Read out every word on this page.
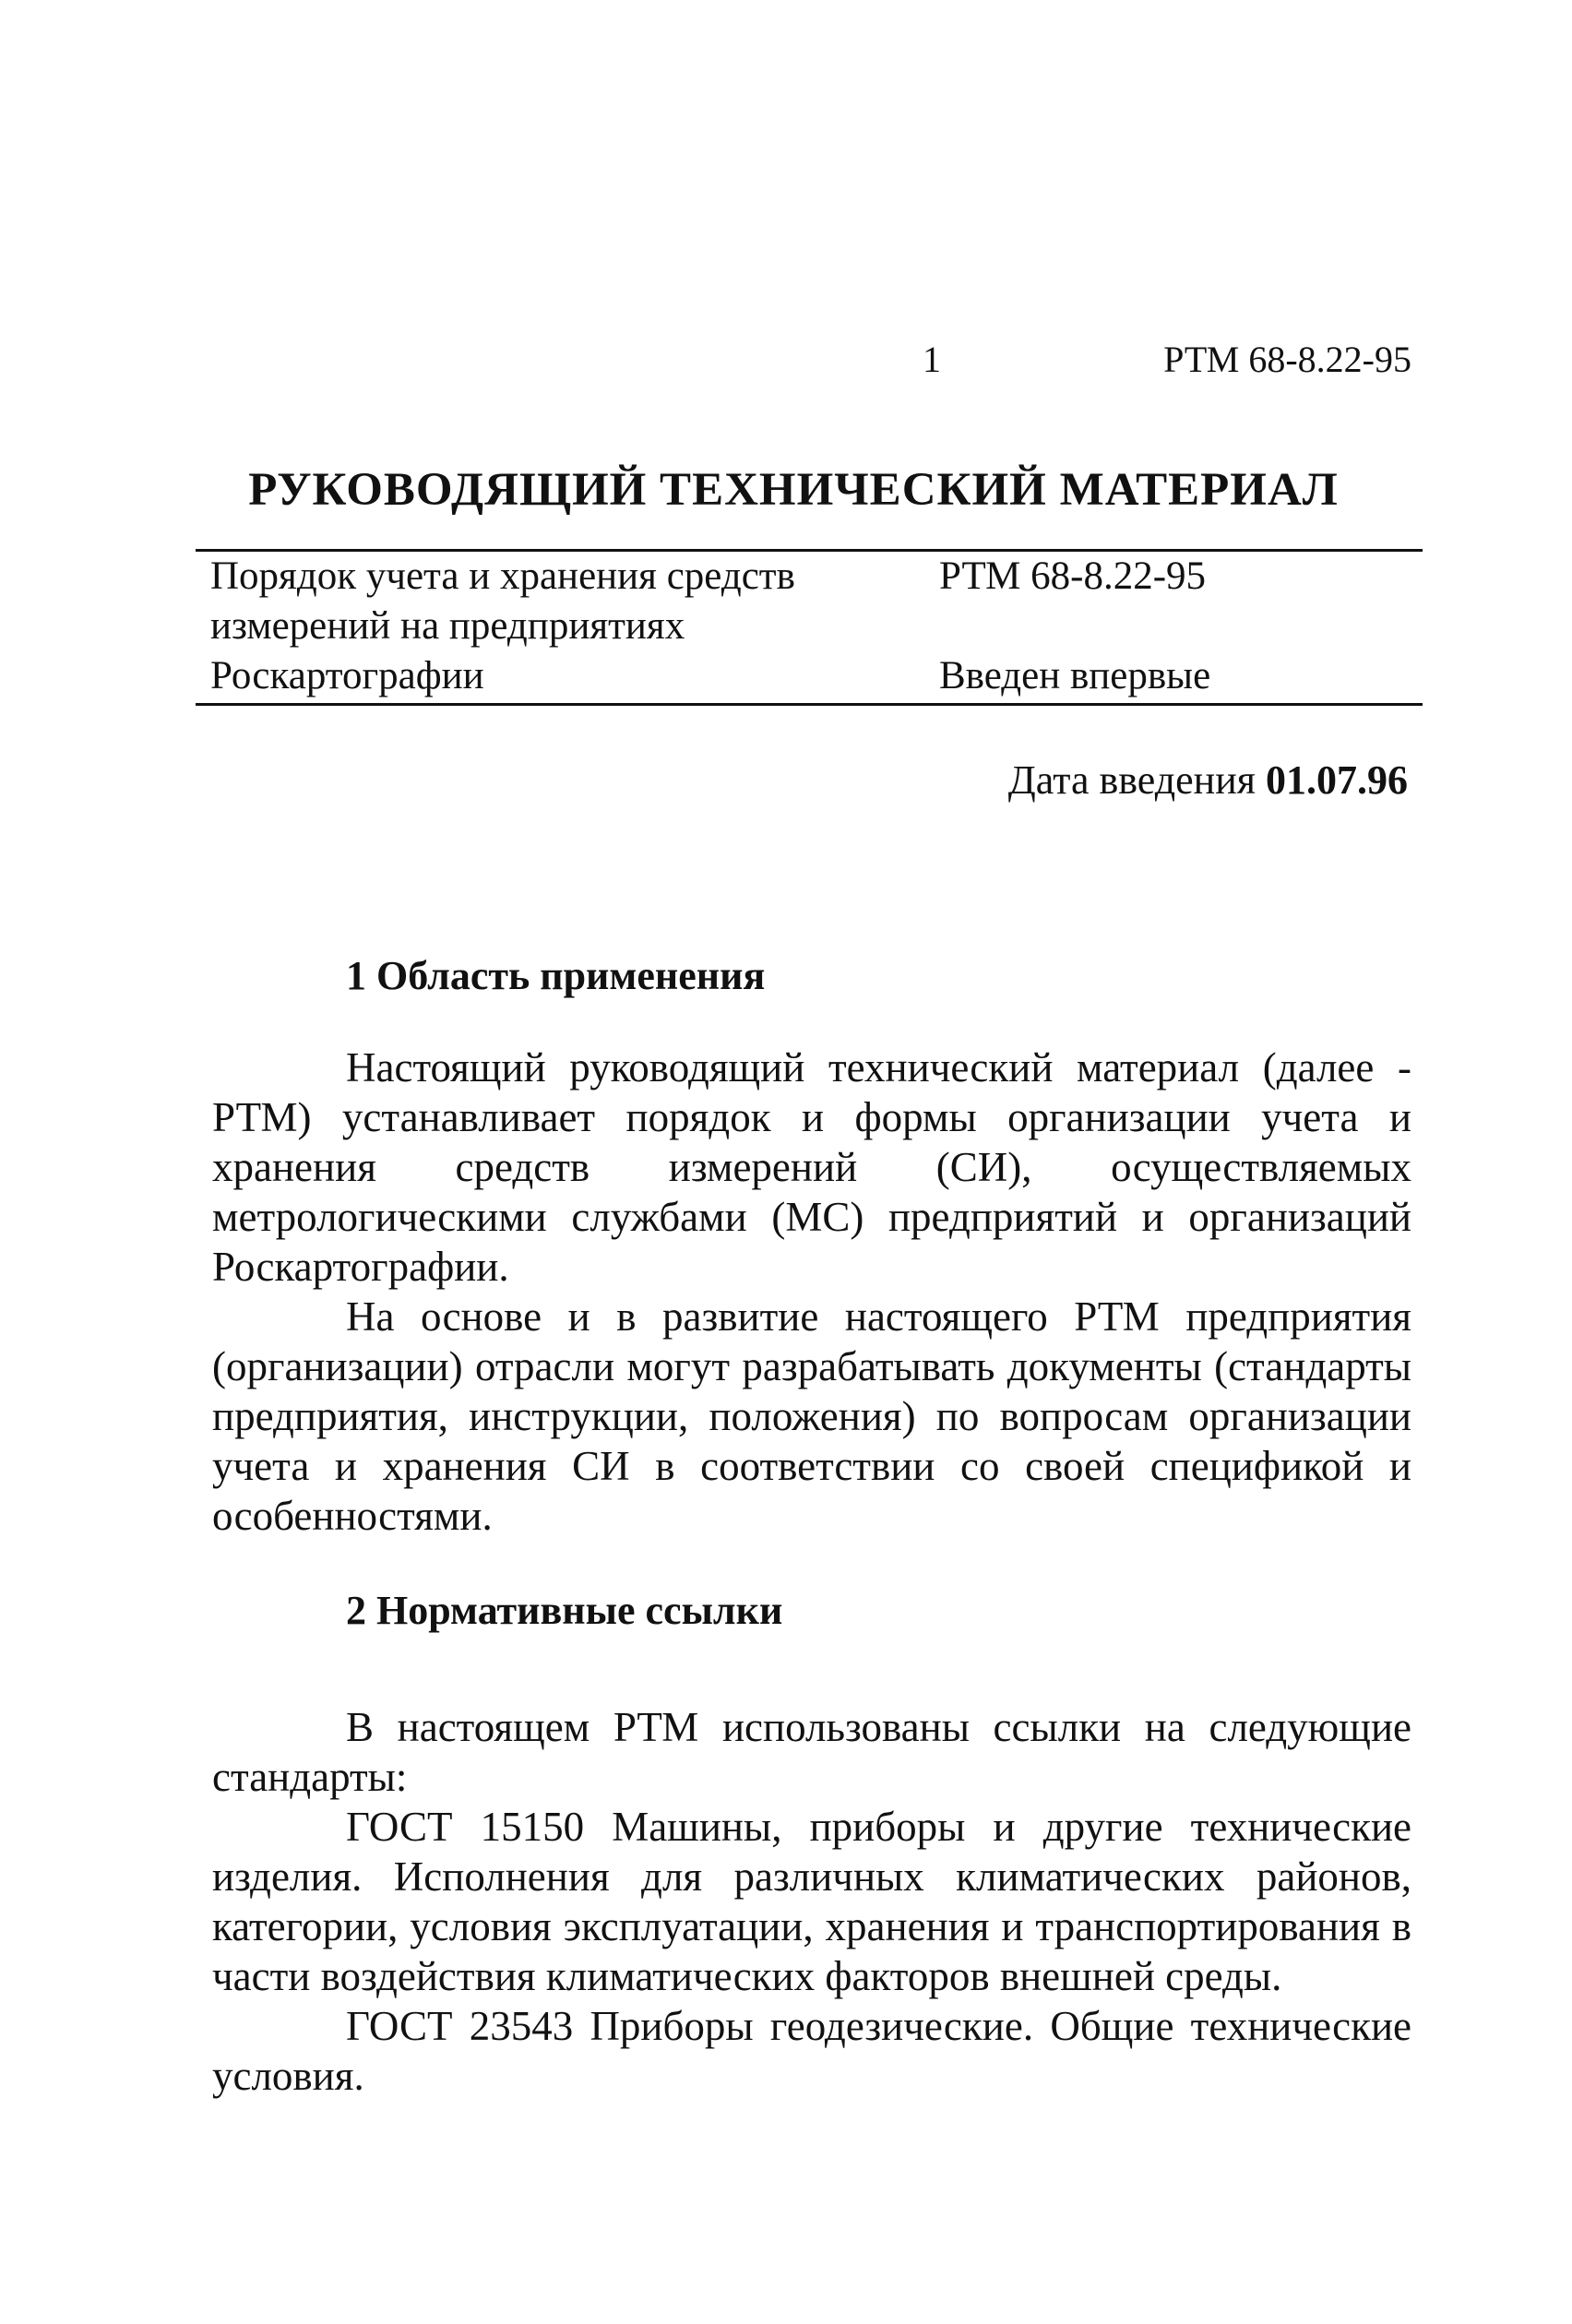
1	РТМ 68-8.22-95
РУКОВОДЯЩИЙ ТЕХНИЧЕСКИЙ МАТЕРИАЛ
Порядок учета и хранения средств
измерений на предприятиях
Роскартографии
РТМ 68-8.22-95
Введен впервые
Дата введения 01.07.96
1 Область применения

Настоящий руководящий технический материал (далее - РТМ) устанавливает порядок и формы организации учета и хранения средств измерений (СИ), осуществляемых метрологическими службами (МС) предприятий и организаций Роскартографии.

На основе и в развитие настоящего РТМ предприятия (организации) отрасли могут разрабатывать документы (стандарты предприятия, инструкции, положения) по вопросам организации учета и хранения СИ в соответствии со своей спецификой и особенностями.

2 Нормативные ссылки

В настоящем РТМ использованы ссылки на следующие стандарты:

ГОСТ 15150 Машины, приборы и другие технические изделия. Исполнения для различных климатических районов, категории, условия эксплуатации, хранения и транспортирования в части воздействия климатических факторов внешней среды.

ГОСТ 23543 Приборы геодезические. Общие технические условия.
